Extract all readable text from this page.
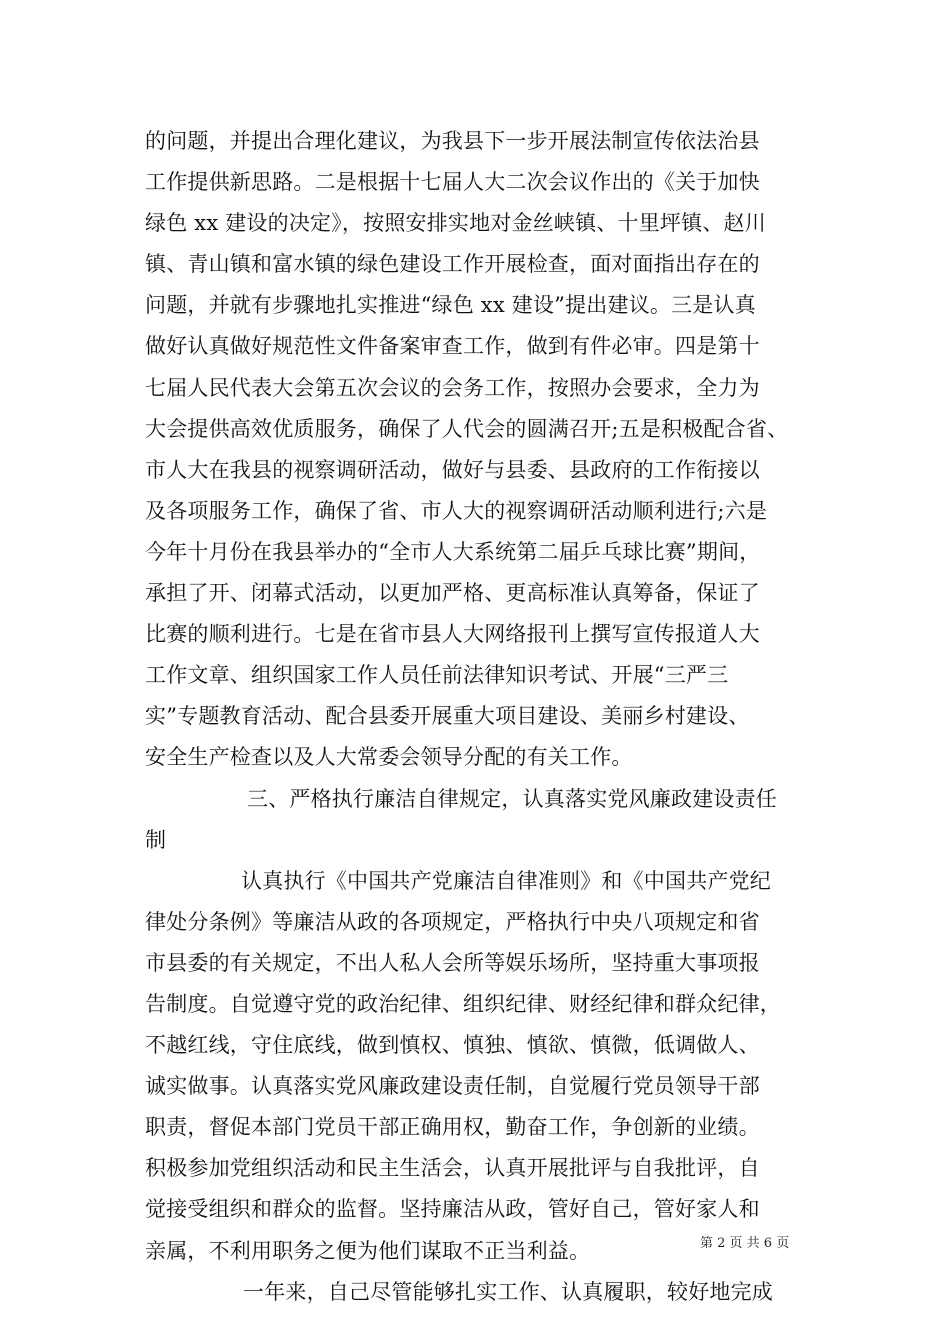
的问题，并提出合理化建议，为我县下一步开展法制宣传依法治县
工作提供新思路。二是根据十七届人大二次会议作出的《关于加快
绿色 xx 建设的决定》，按照安排实地对金丝峡镇、十里坪镇、赵川
镇、青山镇和富水镇的绿色建设工作开展检查，面对面指出存在的
问题，并就有步骤地扎实推进“绿色 xx 建设”提出建议。三是认真
做好认真做好规范性文件备案审查工作，做到有件必审。四是第十
七届人民代表大会第五次会议的会务工作，按照办会要求，全力为
大会提供高效优质服务，确保了人代会的圆满召开;五是积极配合省、
市人大在我县的视察调研活动，做好与县委、县政府的工作衔接以
及各项服务工作，确保了省、市人大的视察调研活动顺利进行;六是
今年十月份在我县举办的“全市人大系统第二届乒乓球比赛”期间，
承担了开、闭幕式活动，以更加严格、更高标准认真筹备，保证了
比赛的顺利进行。七是在省市县人大网络报刊上撰写宣传报道人大
工作文章、组织国家工作人员任前法律知识考试、开展“三严三
实”专题教育活动、配合县委开展重大项目建设、美丽乡村建设、
安全生产检查以及人大常委会领导分配的有关工作。
三、严格执行廉洁自律规定，认真落实党风廉政建设责任
制
认真执行《中国共产党廉洁自律准则》和《中国共产党纪
律处分条例》等廉洁从政的各项规定，严格执行中央八项规定和省
市县委的有关规定，不出人私人会所等娱乐场所，坚持重大事项报
告制度。自觉遵守党的政治纪律、组织纪律、财经纪律和群众纪律，
不越红线，守住底线，做到慎权、慎独、慎欲、慎微，低调做人、
诚实做事。认真落实党风廉政建设责任制，自觉履行党员领导干部
职责，督促本部门党员干部正确用权，勤奋工作，争创新的业绩。
积极参加党组织活动和民主生活会，认真开展批评与自我批评，自
觉接受组织和群众的监督。坚持廉洁从政，管好自己，管好家人和
亲属，不利用职务之便为他们谋取不正当利益。
一年来，自己尽管能够扎实工作、认真履职，较好地完成
第 2 页 共 6 页
